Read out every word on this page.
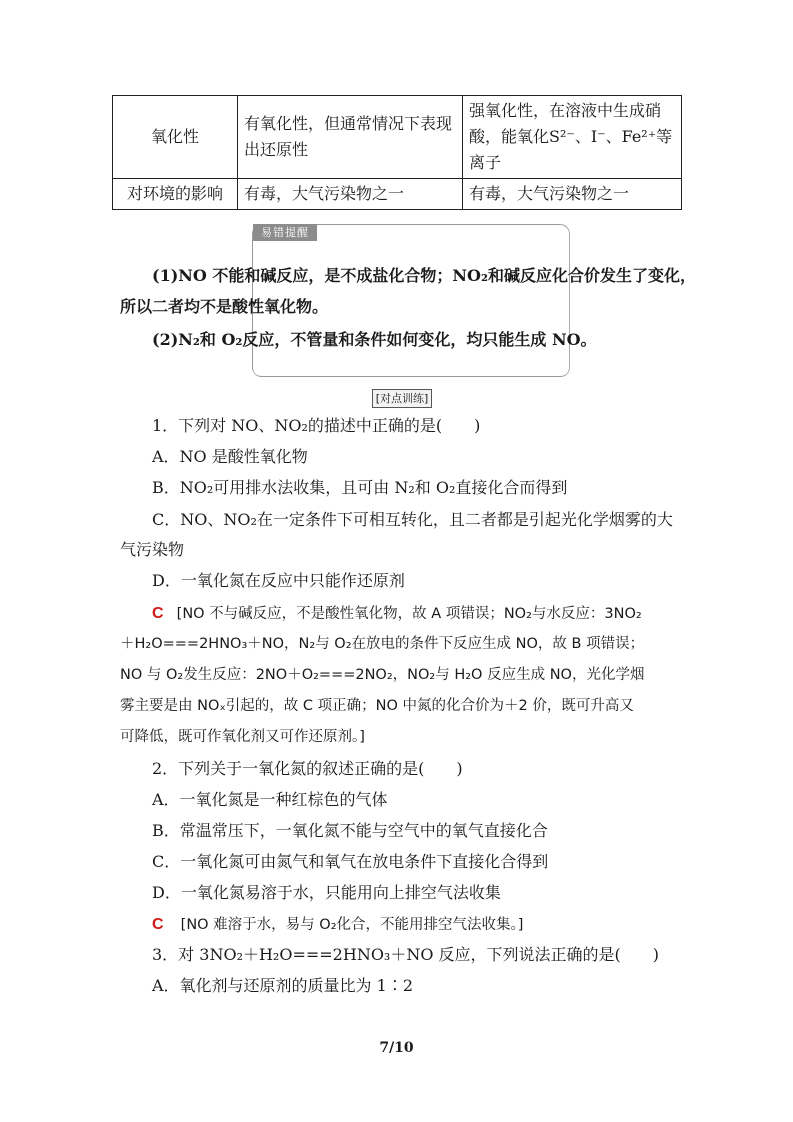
氧化性	有氧化性，但通常情况下表现出还原性	强氧化性，在溶液中生成硝酸，能氧化S²⁻、I⁻、Fe²⁺等离子
对环境的影响	有毒，大气污染物之一	有毒，大气污染物之一
易错提醒
(1)NO 不能和碱反应，是不成盐化合物；NO₂和碱反应化合价发生了变化，
所以二者均不是酸性氧化物。
(2)N₂和 O₂反应，不管量和条件如何变化，均只能生成 NO。
[对点训练]
1．下列对 NO、NO₂的描述中正确的是(　　)
A．NO 是酸性氧化物
B．NO₂可用排水法收集，且可由 N₂和 O₂直接化合而得到
C．NO、NO₂在一定条件下可相互转化，且二者都是引起光化学烟雾的大
气污染物
D．一氧化氮在反应中只能作还原剂
C [NO 不与碱反应，不是酸性氧化物，故 A 项错误；NO₂与水反应：3NO₂
＋H₂O===2HNO₃＋NO，N₂与 O₂在放电的条件下反应生成 NO，故 B 项错误；
NO 与 O₂发生反应：2NO＋O₂===2NO₂，NO₂与 H₂O 反应生成 NO，光化学烟
雾主要是由 NOₓ引起的，故 C 项正确；NO 中氮的化合价为＋2 价，既可升高又
可降低，既可作氧化剂又可作还原剂。]
2．下列关于一氧化氮的叙述正确的是(　　)
A．一氧化氮是一种红棕色的气体
B．常温常压下，一氧化氮不能与空气中的氧气直接化合
C．一氧化氮可由氮气和氧气在放电条件下直接化合得到
D．一氧化氮易溶于水，只能用向上排空气法收集
C [NO 难溶于水，易与 O₂化合，不能用排空气法收集。]
3．对 3NO₂＋H₂O===2HNO₃＋NO 反应，下列说法正确的是(　　)
A．氧化剂与还原剂的质量比为 1∶2
7/10
